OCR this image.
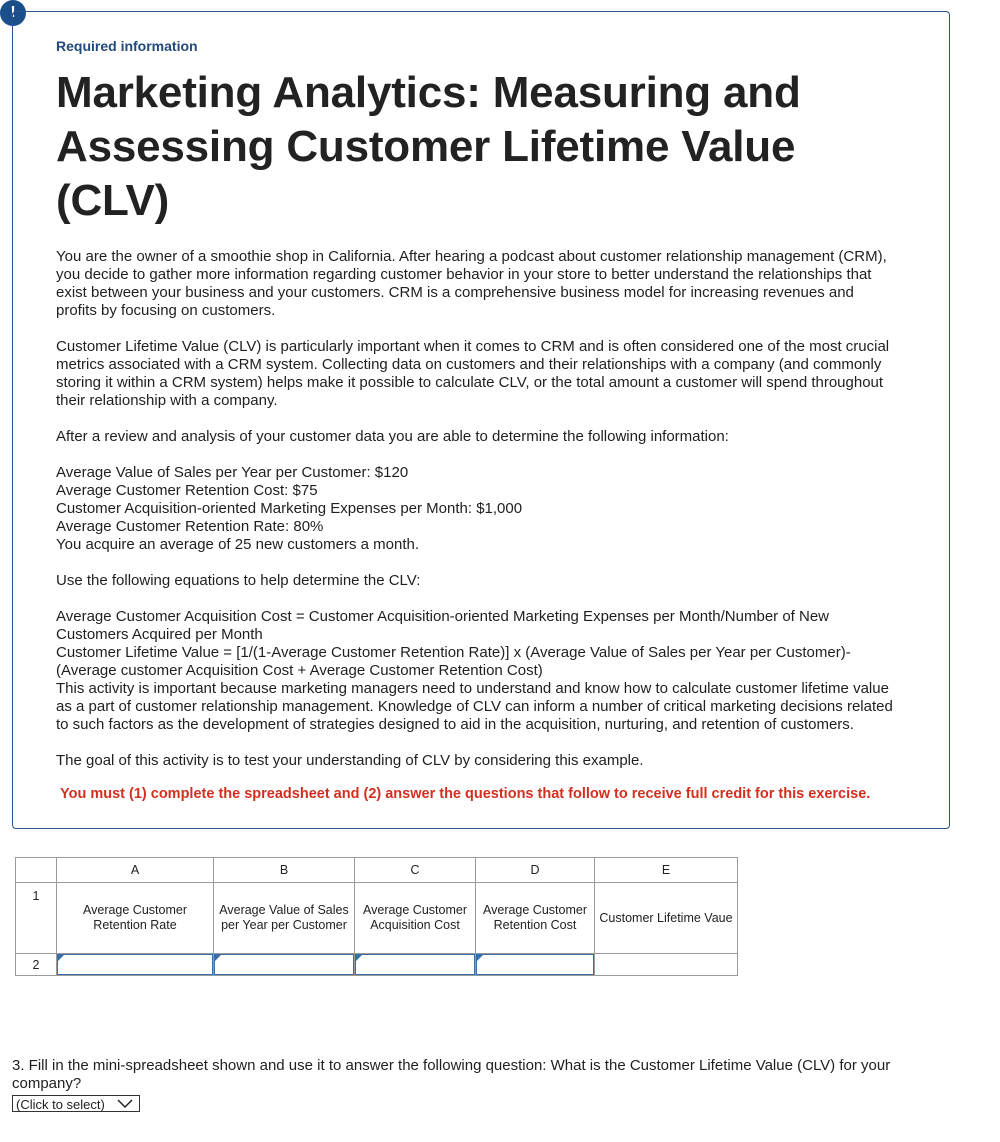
!
Required information
Marketing Analytics: Measuring and Assessing Customer Lifetime Value (CLV)

You are the owner of a smoothie shop in California. After hearing a podcast about customer relationship management (CRM), you decide to gather more information regarding customer behavior in your store to better understand the relationships that exist between your business and your customers. CRM is a comprehensive business model for increasing revenues and profits by focusing on customers.

Customer Lifetime Value (CLV) is particularly important when it comes to CRM and is often considered one of the most crucial metrics associated with a CRM system. Collecting data on customers and their relationships with a company (and commonly storing it within a CRM system) helps make it possible to calculate CLV, or the total amount a customer will spend throughout their relationship with a company.

After a review and analysis of your customer data you are able to determine the following information:

Average Value of Sales per Year per Customer: $120

Average Customer Retention Cost: $75

Customer Acquisition-oriented Marketing Expenses per Month: $1,000

Average Customer Retention Rate: 80%

You acquire an average of 25 new customers a month.

Use the following equations to help determine the CLV:

Average Customer Acquisition Cost = Customer Acquisition-oriented Marketing Expenses per Month/Number of New Customers Acquired per Month

Customer Lifetime Value = [1/(1-Average Customer Retention Rate)] x (Average Value of Sales per Year per Customer)-(Average customer Acquisition Cost + Average Customer Retention Cost)

This activity is important because marketing managers need to understand and know how to calculate customer lifetime value as a part of customer relationship management. Knowledge of CLV can inform a number of critical marketing decisions related to such factors as the development of strategies designed to aid in the acquisition, nurturing, and retention of customers.

The goal of this activity is to test your understanding of CLV by considering this example.

You must (1) complete the spreadsheet and (2) answer the questions that follow to receive full credit for this exercise.

	A	B	C	D	E
1	Average Customer Retention Rate	Average Value of Sales per Year per Customer	Average Customer Acquisition Cost	Average Customer Retention Cost	Customer Lifetime Vaue
2	

3. Fill in the mini-spreadsheet shown and use it to answer the following question: What is the Customer Lifetime Value (CLV) for your company?
(Click to select)
